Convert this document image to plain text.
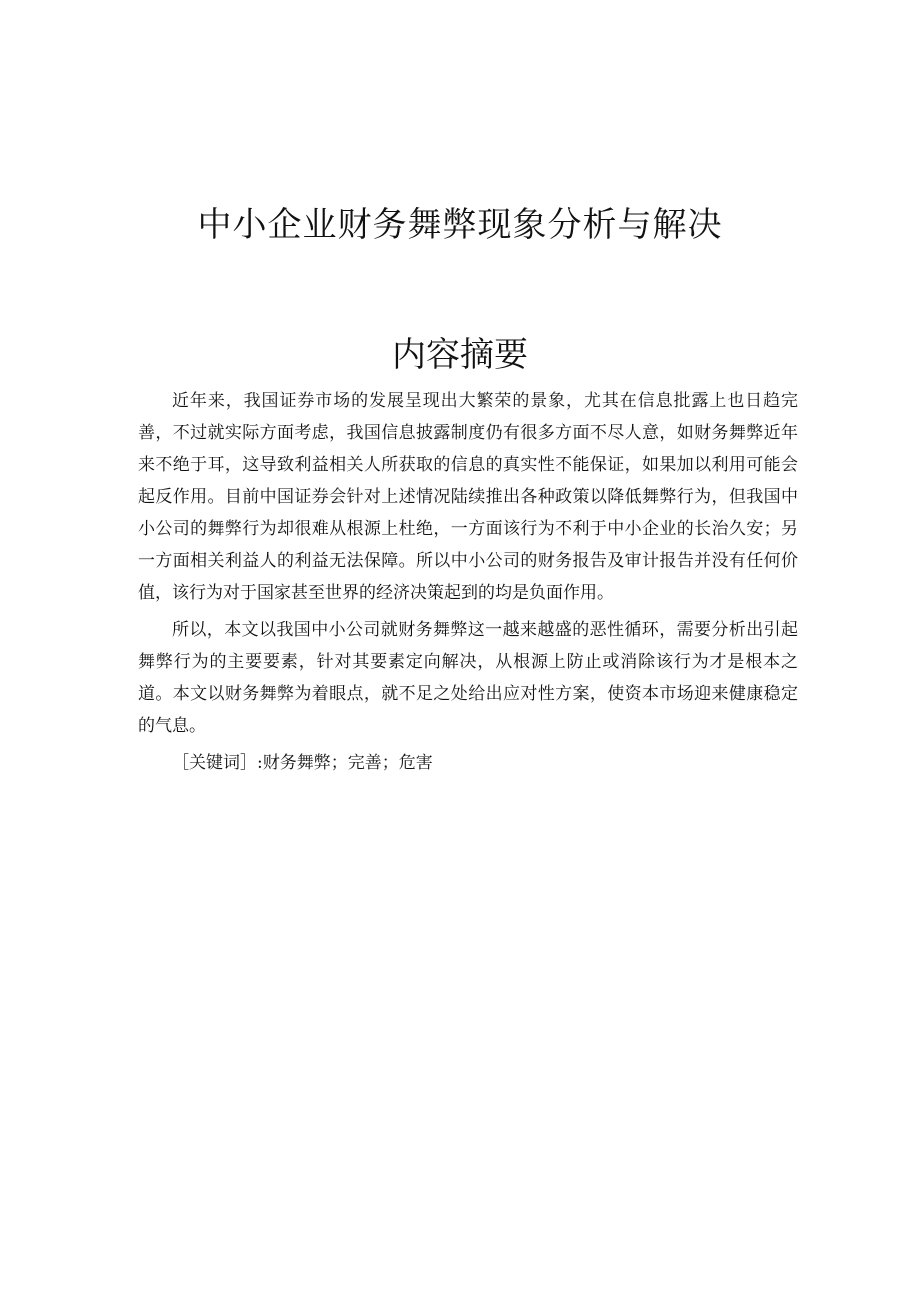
中小企业财务舞弊现象分析与解决
内容摘要

近年来，我国证券市场的发展呈现出大繁荣的景象，尤其在信息批露上也日趋完善，不过就实际方面考虑，我国信息披露制度仍有很多方面不尽人意，如财务舞弊近年来不绝于耳，这导致利益相关人所获取的信息的真实性不能保证，如果加以利用可能会起反作用。目前中国证券会针对上述情况陆续推出各种政策以降低舞弊行为，但我国中小公司的舞弊行为却很难从根源上杜绝，一方面该行为不利于中小企业的长治久安；另一方面相关利益人的利益无法保障。所以中小公司的财务报告及审计报告并没有任何价值，该行为对于国家甚至世界的经济决策起到的均是负面作用。

所以，本文以我国中小公司就财务舞弊这一越来越盛的恶性循环，需要分析出引起舞弊行为的主要要素，针对其要素定向解决，从根源上防止或消除该行为才是根本之道。本文以财务舞弊为着眼点，就不足之处给出应对性方案，使资本市场迎来健康稳定的气息。

［关键词］:财务舞弊；完善；危害
